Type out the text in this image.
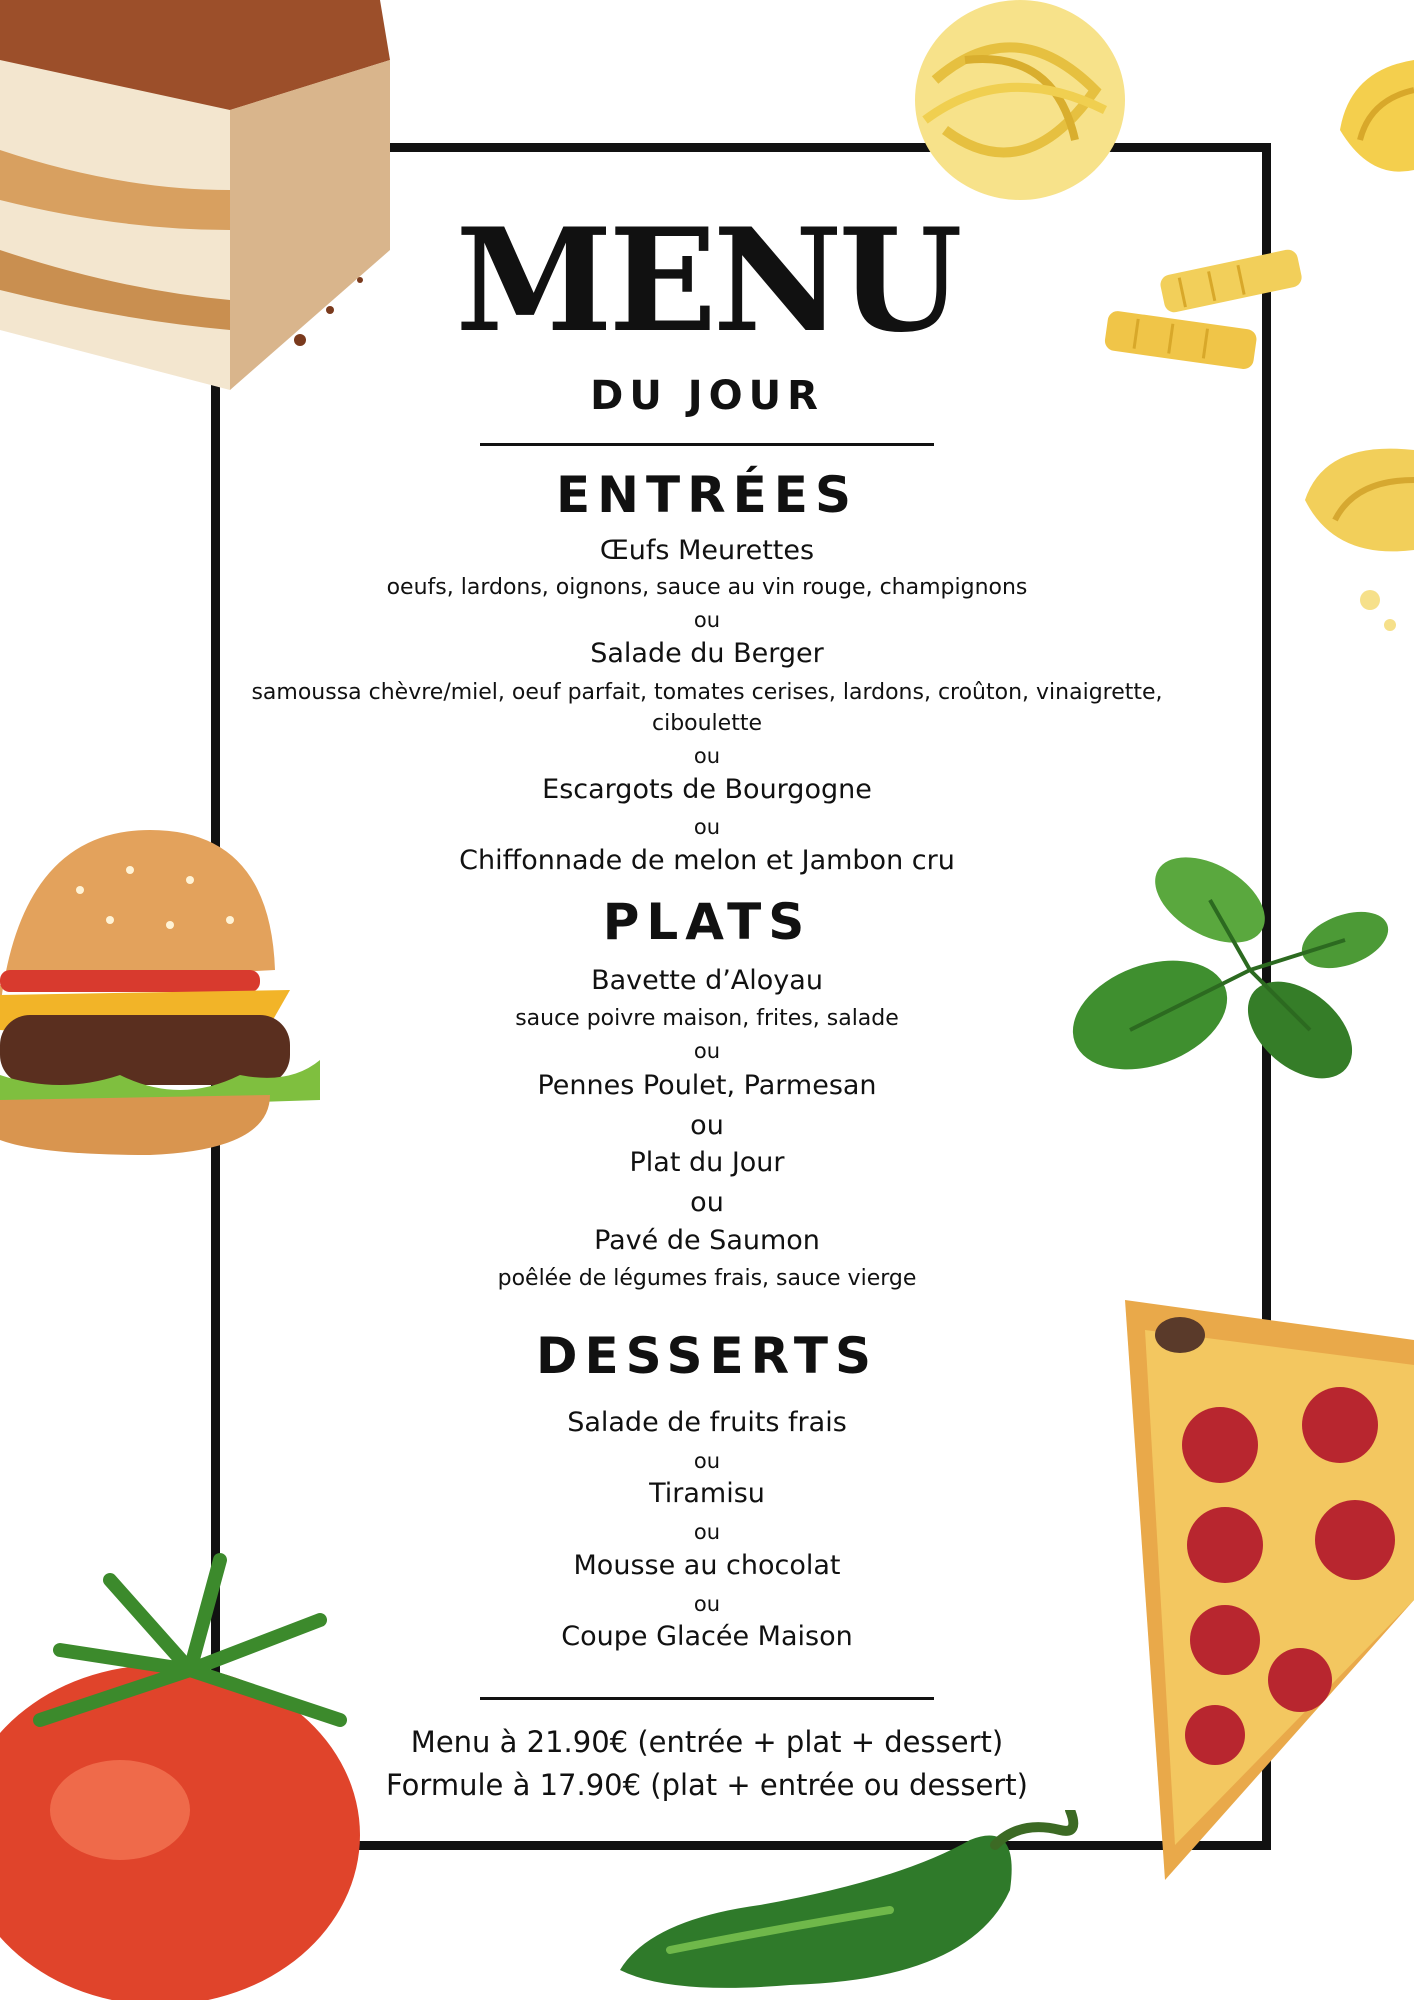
MENU
DU JOUR
ENTRÉES
Œufs Meurettes
oeufs, lardons, oignons, sauce au vin rouge, champignons
ou
Salade du Berger
samoussa chèvre/miel, oeuf parfait, tomates cerises, lardons, croûton, vinaigrette,
ciboulette
ou
Escargots de Bourgogne
ou
Chiffonnade de melon et Jambon cru
PLATS
Bavette d’Aloyau
sauce poivre maison, frites, salade
ou
Pennes Poulet, Parmesan
ou
Plat du Jour
ou
Pavé de Saumon
poêlée de légumes frais, sauce vierge
DESSERTS
Salade de fruits frais
ou
Tiramisu
ou
Mousse au chocolat
ou
Coupe Glacée Maison
Menu à 21.90€ (entrée + plat + dessert)
Formule à 17.90€ (plat + entrée ou dessert)
